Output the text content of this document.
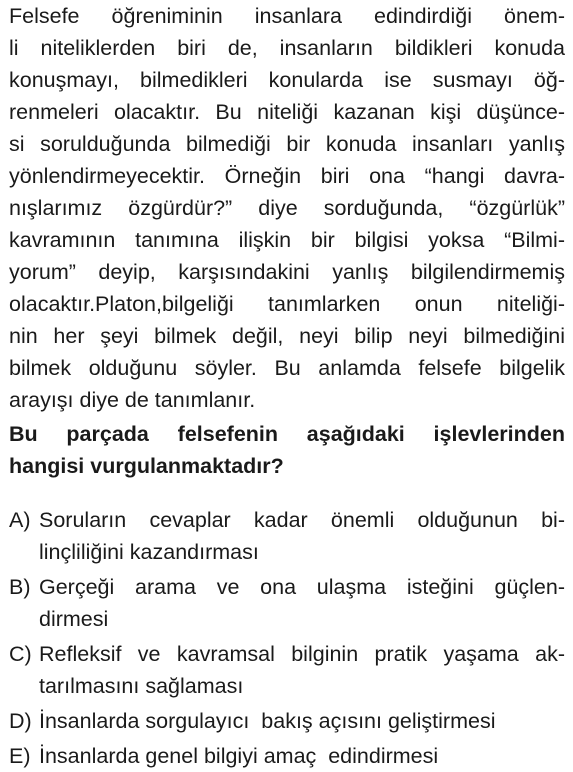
Felsefe öğreniminin insanlara edindirdiği önem-
li niteliklerden biri de, insanların bildikleri konuda
konuşmayı, bilmedikleri konularda ise susmayı öğ-
renmeleri olacaktır. Bu niteliği kazanan kişi düşünce-
si sorulduğunda bilmediği bir konuda insanları yanlış
yönlendirmeyecektir. Örneğin biri ona “hangi davra-
nışlarımız özgürdür?” diye sorduğunda, “özgürlük”
kavramının tanımına ilişkin bir bilgisi yoksa “Bilmi-
yorum” deyip, karşısındakini yanlış bilgilendirmemiş
olacaktır.Platon,bilgeliği tanımlarken onun niteliği-
nin her şeyi bilmek değil, neyi bilip neyi bilmediğini
bilmek olduğunu söyler. Bu anlamda felsefe bilgelik
arayışı diye de tanımlanır.
Bu parçada felsefenin aşağıdaki işlevlerinden
hangisi vurgulanmaktadır?
A) Soruların cevaplar kadar önemli olduğunun bi-
linçliliğini kazandırması
B) Gerçeği arama ve ona ulaşma isteğini güçlen-
dirmesi
C) Refleksif ve kavramsal bilginin pratik yaşama ak-
tarılmasını sağlaması
D) İnsanlarda sorgulayıcı  bakış açısını geliştirmesi
E) İnsanlarda genel bilgiyi amaç  edindirmesi
